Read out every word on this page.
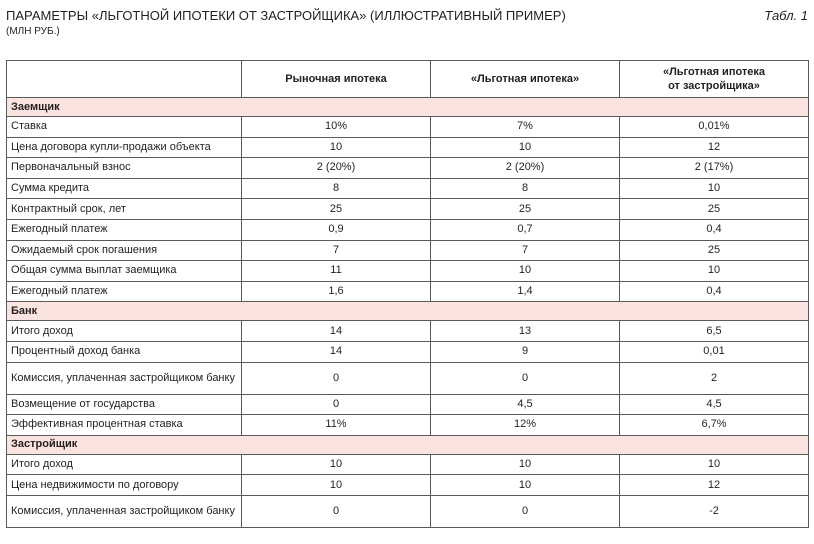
ПАРАМЕТРЫ «ЛЬГОТНОЙ ИПОТЕКИ ОТ ЗАСТРОЙЩИКА» (ИЛЛЮСТРАТИВНЫЙ ПРИМЕР)
(МЛН РУБ.)
Табл. 1
	Рыночная ипотека	«Льготная ипотека»	«Льготная ипотека
от застройщика»
Заемщик			
Ставка	10%	7%	0,01%
Цена договора купли-продажи объекта	10	10	12
Первоначальный взнос	2 (20%)	2 (20%)	2 (17%)
Сумма кредита	8	8	10
Контрактный срок, лет	25	25	25
Ежегодный платеж	0,9	0,7	0,4
Ожидаемый срок погашения	7	7	25
Общая сумма выплат заемщика	11	10	10
Ежегодный платеж	1,6	1,4	0,4
Банк			
Итого доход	14	13	6,5
Процентный доход банка	14	9	0,01
Комиссия, уплаченная застройщиком банку	0	0	2
Возмещение от государства	0	4,5	4,5
Эффективная процентная ставка	11%	12%	6,7%
Застройщик			
Итого доход	10	10	10
Цена недвижимости по договору	10	10	12
Комиссия, уплаченная застройщиком банку	0	0	-2
